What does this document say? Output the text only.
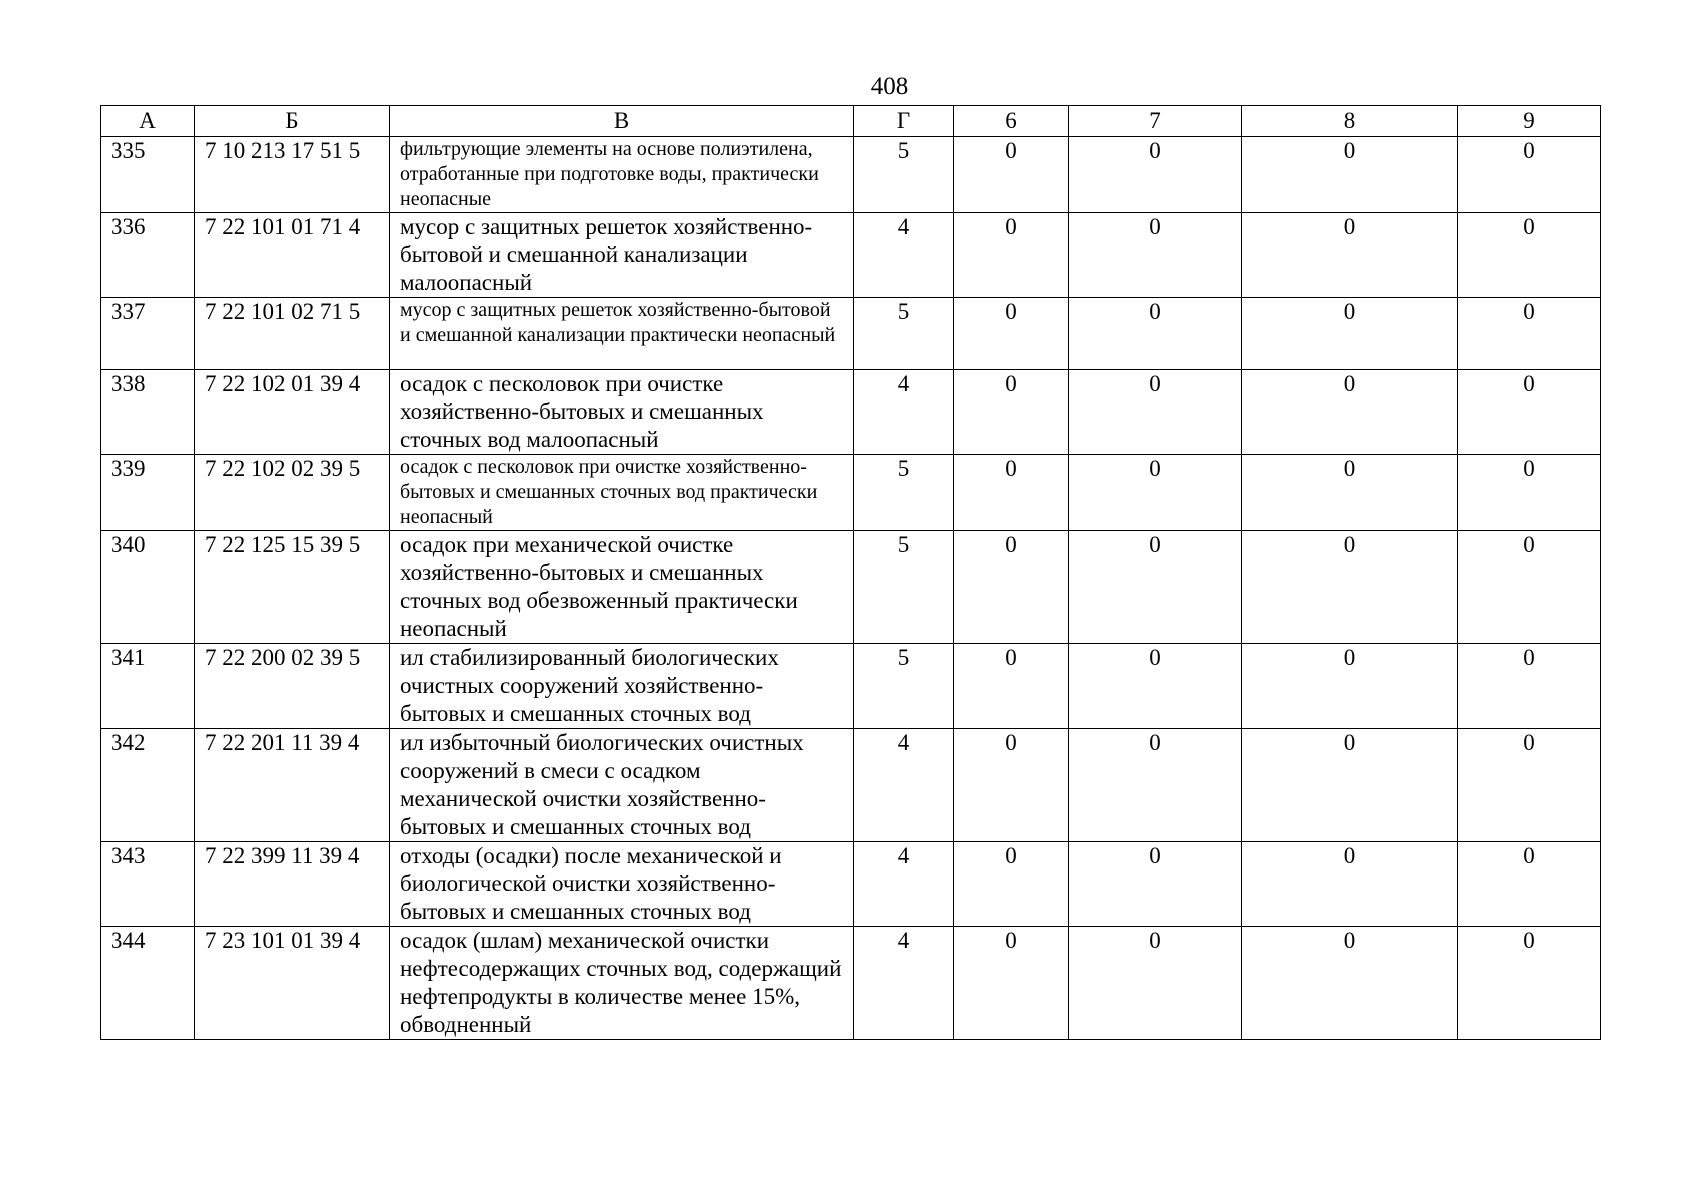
408
А	Б	В	Г	6	7	8	9
335	7 10 213 17 51 5	фильтрующие элементы на основе полиэтилена, отработанные при подготовке воды, практически неопасные	5	0	0	0	0
336	7 22 101 01 71 4	мусор с защитных решеток хозяйственно-бытовой и смешанной канализации малоопасный	4	0	0	0	0
337	7 22 101 02 71 5	мусор с защитных решеток хозяйственно-бытовой и смешанной канализации практически неопасный	5	0	0	0	0
338	7 22 102 01 39 4	осадок с песколовок при очистке хозяйственно-бытовых и смешанных сточных вод малоопасный	4	0	0	0	0
339	7 22 102 02 39 5	осадок с песколовок при очистке хозяйственно-бытовых и смешанных сточных вод практически неопасный	5	0	0	0	0
340	7 22 125 15 39 5	осадок при механической очистке хозяйственно-бытовых и смешанных сточных вод обезвоженный практически неопасный	5	0	0	0	0
341	7 22 200 02 39 5	ил стабилизированный биологических очистных сооружений хозяйственно-бытовых и смешанных сточных вод	5	0	0	0	0
342	7 22 201 11 39 4	ил избыточный биологических очистных сооружений в смеси с осадком механической очистки хозяйственно-бытовых и смешанных сточных вод	4	0	0	0	0
343	7 22 399 11 39 4	отходы (осадки) после механической и биологической очистки хозяйственно-бытовых и смешанных сточных вод	4	0	0	0	0
344	7 23 101 01 39 4	осадок (шлам) механической очистки нефтесодержащих сточных вод, содержащий нефтепродукты в количестве менее 15%, обводненный	4	0	0	0	0
